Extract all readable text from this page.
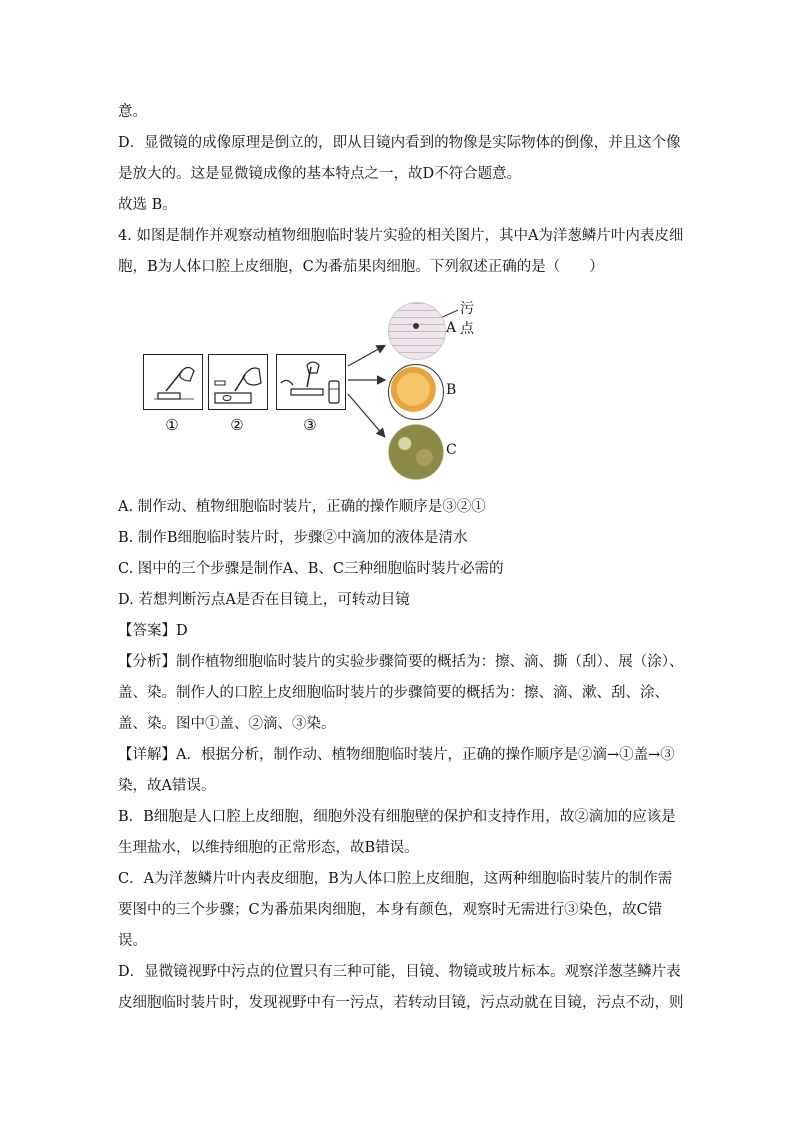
意。
D．显微镜的成像原理是倒立的，即从目镜内看到的物像是实际物体的倒像，并且这个像
是放大的。这是显微镜成像的基本特点之一，故D不符合题意。
故选 B。
4. 如图是制作并观察动植物细胞临时装片实验的相关图片，其中A为洋葱鳞片叶内表皮细
胞，B为人体口腔上皮细胞，C为番茄果肉细胞。下列叙述正确的是（　　）
①	②	③
污点
A
B
C
A. 制作动、植物细胞临时装片，正确的操作顺序是③②①
B. 制作B细胞临时装片时，步骤②中滴加的液体是清水
C. 图中的三个步骤是制作A、B、C三种细胞临时装片必需的
D. 若想判断污点A是否在目镜上，可转动目镜
【答案】D
【分析】制作植物细胞临时装片的实验步骤简要的概括为：擦、滴、撕（刮）、展（涂）、
盖、染。制作人的口腔上皮细胞临时装片的步骤简要的概括为：擦、滴、漱、刮、涂、
盖、染。图中①盖、②滴、③染。
【详解】A．根据分析，制作动、植物细胞临时装片，正确的操作顺序是②滴→①盖→③
染，故A错误。
B．B细胞是人口腔上皮细胞，细胞外没有细胞壁的保护和支持作用，故②滴加的应该是
生理盐水，以维持细胞的正常形态，故B错误。
C．A为洋葱鳞片叶内表皮细胞，B为人体口腔上皮细胞，这两种细胞临时装片的制作需
要图中的三个步骤；C为番茄果肉细胞，本身有颜色，观察时无需进行③染色，故C错
误。
D．显微镜视野中污点的位置只有三种可能，目镜、物镜或玻片标本。观察洋葱茎鳞片表
皮细胞临时装片时，发现视野中有一污点，若转动目镜，污点动就在目镜，污点不动，则
